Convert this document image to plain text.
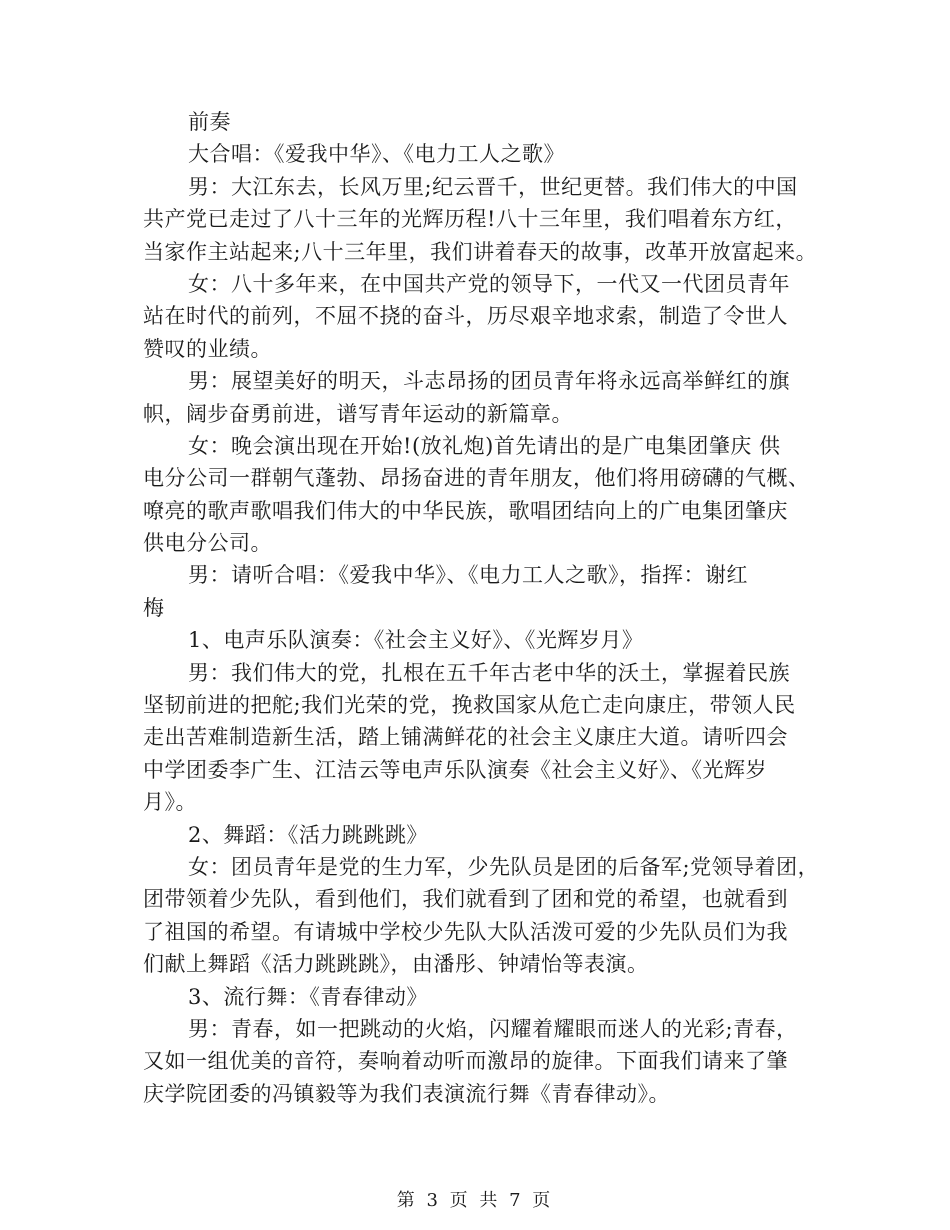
前奏
大合唱：《爱我中华》、《电力工人之歌》
男：大江东去，长风万里;纪云晋千，世纪更替。我们伟大的中国
共产党已走过了八十三年的光辉历程!八十三年里，我们唱着东方红，
当家作主站起来;八十三年里，我们讲着春天的故事，改革开放富起来。
女：八十多年来，在中国共产党的领导下，一代又一代团员青年
站在时代的前列，不屈不挠的奋斗，历尽艰辛地求索，制造了令世人
赞叹的业绩。
男：展望美好的明天，斗志昂扬的团员青年将永远高举鲜红的旗
帜，阔步奋勇前进，谱写青年运动的新篇章。
女：晚会演出现在开始!(放礼炮)首先请出的是广电集团肇庆 供
电分公司一群朝气蓬勃、昂扬奋进的青年朋友，他们将用磅礴的气概、
嘹亮的歌声歌唱我们伟大的中华民族，歌唱团结向上的广电集团肇庆
供电分公司。
男：请听合唱：《爱我中华》、《电力工人之歌》，指挥：谢红
梅
1、电声乐队演奏：《社会主义好》、《光辉岁月》
男：我们伟大的党，扎根在五千年古老中华的沃土，掌握着民族
坚韧前进的把舵;我们光荣的党，挽救国家从危亡走向康庄，带领人民
走出苦难制造新生活，踏上铺满鲜花的社会主义康庄大道。请听四会
中学团委李广生、江洁云等电声乐队演奏《社会主义好》、《光辉岁
月》。
2、舞蹈：《活力跳跳跳》
女：团员青年是党的生力军，少先队员是团的后备军;党领导着团，
团带领着少先队，看到他们，我们就看到了团和党的希望，也就看到
了祖国的希望。有请城中学校少先队大队活泼可爱的少先队员们为我
们献上舞蹈《活力跳跳跳》，由潘彤、钟靖怡等表演。
3、流行舞：《青春律动》
男：青春，如一把跳动的火焰，闪耀着耀眼而迷人的光彩;青春，
又如一组优美的音符，奏响着动听而激昂的旋律。下面我们请来了肇
庆学院团委的冯镇毅等为我们表演流行舞《青春律动》。
第 3 页 共 7 页
